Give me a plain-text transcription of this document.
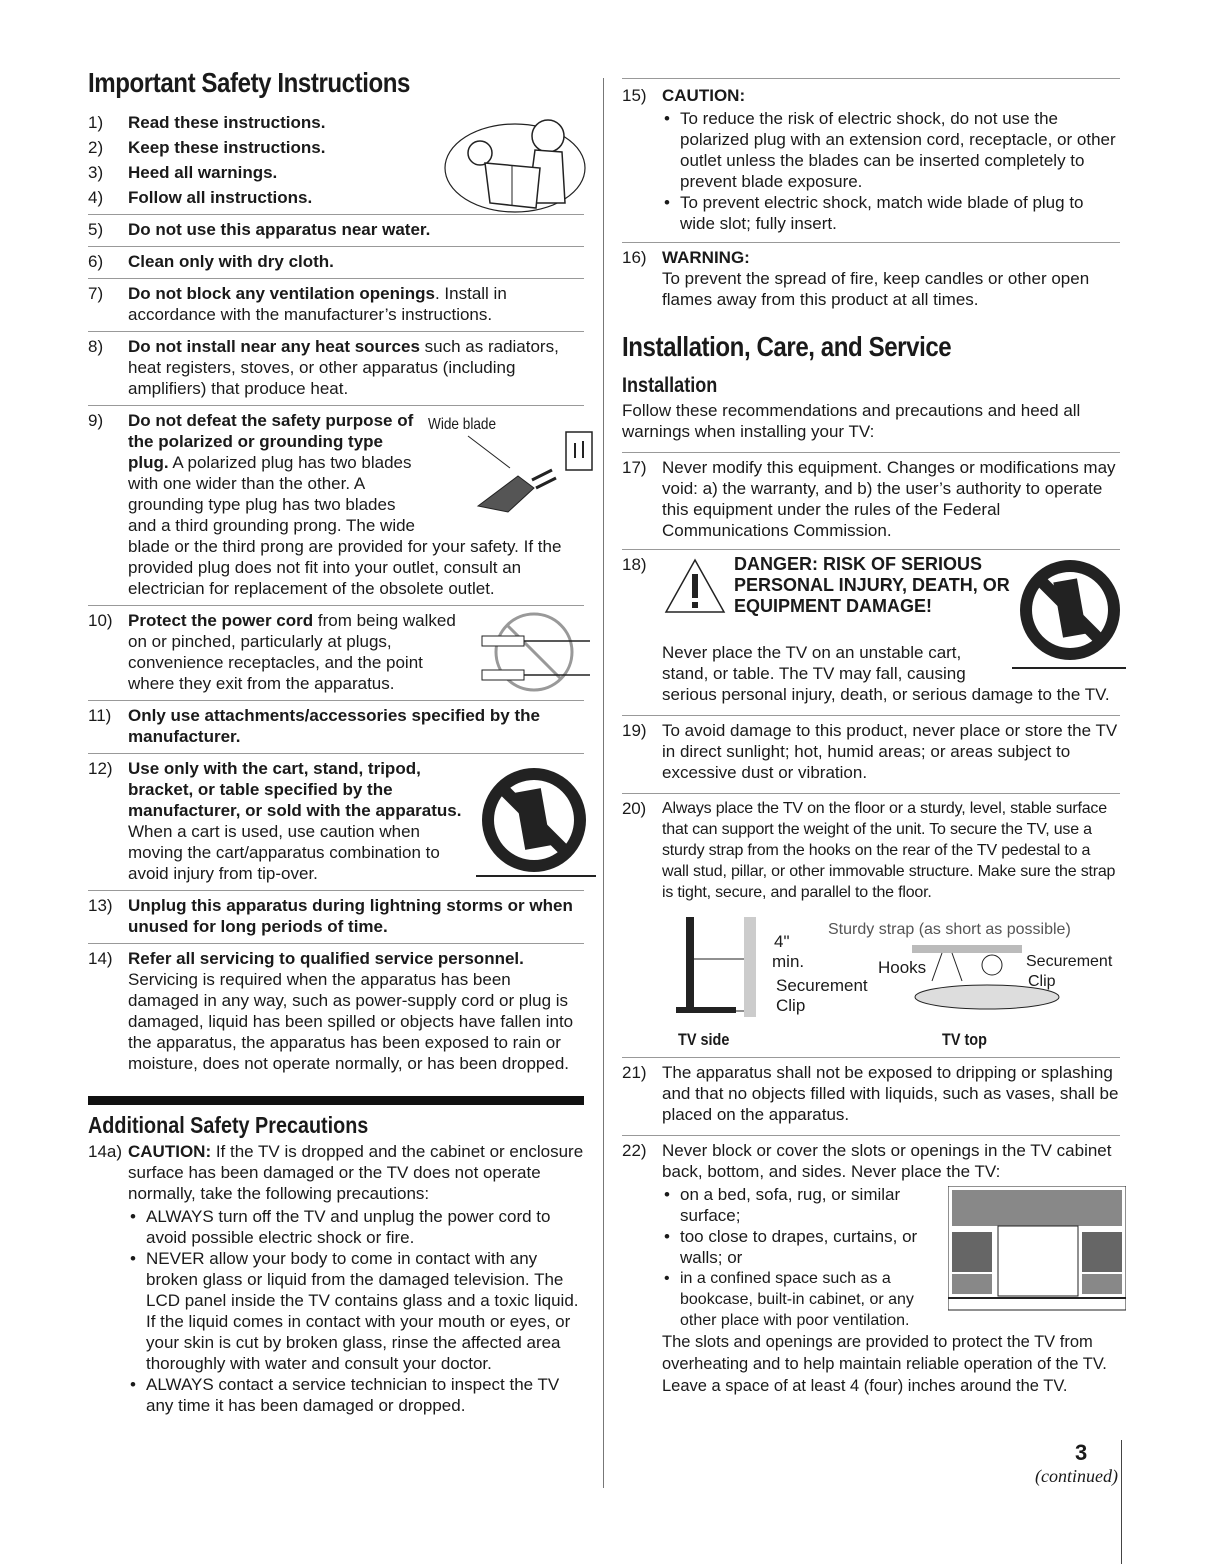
Important Safety Instructions
1) Read these instructions.
2) Keep these instructions.
3) Heed all warnings.
4) Follow all instructions.
5) Do not use this apparatus near water.
6) Clean only with dry cloth.
7) Do not block any ventilation openings. Install in accordance with the manufacturer’s instructions.
8) Do not install near any heat sources such as radiators, heat registers, stoves, or other apparatus (including amplifiers) that produce heat.
9)	Wide blade
Do not defeat the safety purpose of the polarized or grounding type plug. A polarized plug has two blades with one wider than the other. A grounding type plug has two blades and a third grounding prong. The wide blade or the third prong are provided for your safety. If the provided plug does not fit into your outlet, consult an electrician for replacement of the obsolete outlet.
10) Protect the power cord from being walked on or pinched, particularly at plugs, convenience receptacles, and the point where they exit from the apparatus.
11) Only use attachments/accessories specified by the manufacturer.
12) Use only with the cart, stand, tripod, bracket, or table specified by the manufacturer, or sold with the apparatus. When a cart is used, use caution when moving the cart/apparatus combination to avoid injury from tip-over.
13) Unplug this apparatus during lightning storms or when unused for long periods of time.
14) Refer all servicing to qualified service personnel. Servicing is required when the apparatus has been damaged in any way, such as power-supply cord or plug is damaged, liquid has been spilled or objects have fallen into the apparatus, the apparatus has been exposed to rain or moisture, does not operate normally, or has been dropped.
Additional Safety Precautions
14a) CAUTION: If the TV is dropped and the cabinet or enclosure surface has been damaged or the TV does not operate normally, take the following precautions:
• ALWAYS turn off the TV and unplug the power cord to avoid possible electric shock or fire.
• NEVER allow your body to come in contact with any broken glass or liquid from the damaged television. The LCD panel inside the TV contains glass and a toxic liquid. If the liquid comes in contact with your mouth or eyes, or your skin is cut by broken glass, rinse the affected area thoroughly with water and consult your doctor.
• ALWAYS contact a service technician to inspect the TV any time it has been damaged or dropped.
15) CAUTION:
• To reduce the risk of electric shock, do not use the polarized plug with an extension cord, receptacle, or other outlet unless the blades can be inserted completely to prevent blade exposure.
• To prevent electric shock, match wide blade of plug to wide slot; fully insert.
16) WARNING:
To prevent the spread of fire, keep candles or other open flames away from this product at all times.
Installation, Care, and Service
Installation

Follow these recommendations and precautions and heed all warnings when installing your TV:

17) Never modify this equipment. Changes or modifications may void: a) the warranty, and b) the user’s authority to operate this equipment under the rules of the Federal Communications Commission.
18)	DANGER: RISK OF SERIOUS PERSONAL INJURY, DEATH, OR EQUIPMENT DAMAGE!
Never place the TV on an unstable cart, stand, or table. The TV may fall, causing serious personal injury, death, or serious damage to the TV.
19) To avoid damage to this product, never place or store the TV in direct sunlight; hot, humid areas; or areas subject to excessive dust or vibration.
20) Always place the TV on the floor or a sturdy, level, stable surface that can support the weight of the unit. To secure the TV, use a sturdy strap from the hooks on the rear of the TV pedestal to a wall stud, pillar, or other immovable structure. Make sure the strap is tight, secure, and parallel to the floor.
4"
min.
Securement
Clip
Sturdy strap (as short as possible)
Hooks	Securement
Clip
TV side	TV top
21) The apparatus shall not be exposed to dripping or splashing and that no objects filled with liquids, such as vases, shall be placed on the apparatus.
22) Never block or cover the slots or openings in the TV cabinet back, bottom, and sides. Never place the TV:
• on a bed, sofa, rug, or similar surface;
• too close to drapes, curtains, or walls; or
• in a confined space such as a bookcase, built-in cabinet, or any other place with poor ventilation.
The slots and openings are provided to protect the TV from overheating and to help maintain reliable operation of the TV. Leave a space of at least 4 (four) inches around the TV.
(continued)
3
